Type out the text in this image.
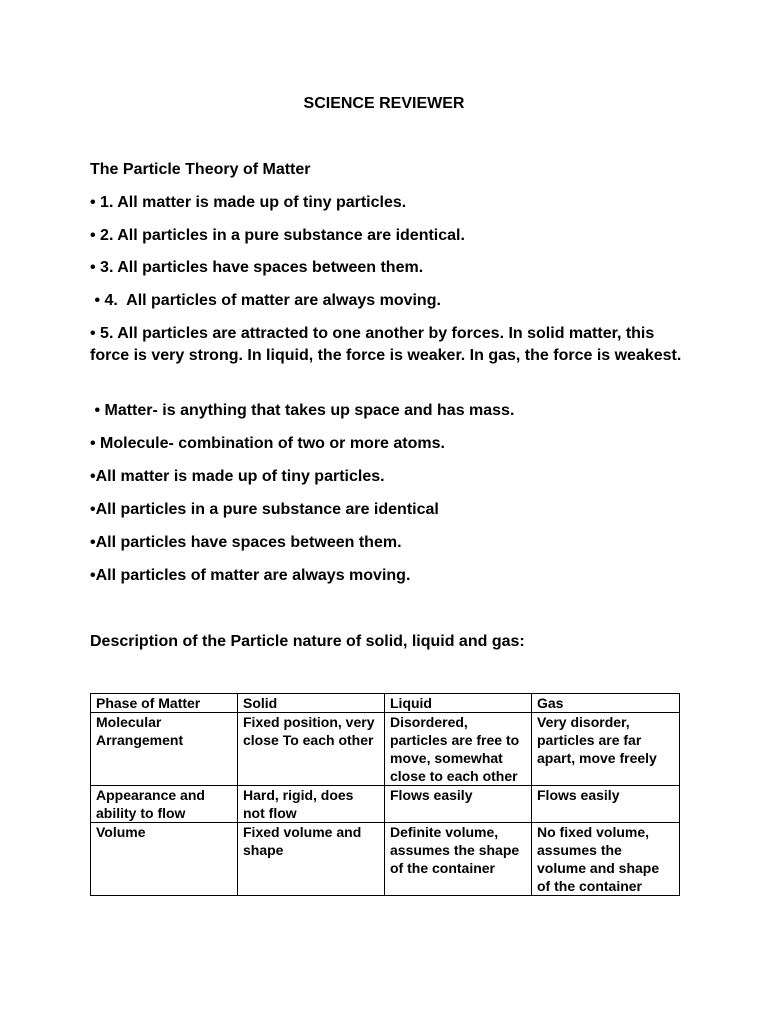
SCIENCE REVIEWER
The Particle Theory of Matter
• 1. All matter is made up of tiny particles.
• 2. All particles in a pure substance are identical.
• 3. All particles have spaces between them.
• 4.  All particles of matter are always moving.
• 5. All particles are attracted to one another by forces. In solid matter, this force is very strong. In liquid, the force is weaker. In gas, the force is weakest.
• Matter- is anything that takes up space and has mass.
• Molecule- combination of two or more atoms.
•All matter is made up of tiny particles.
•All particles in a pure substance are identical
•All particles have spaces between them.
•All particles of matter are always moving.
Description of the Particle nature of solid, liquid and gas:
Phase of Matter	Solid	Liquid	Gas
Molecular Arrangement	Fixed position, very close To each other	Disordered, particles are free to move, somewhat close to each other	Very disorder, particles are far apart, move freely
Appearance and ability to flow	Hard, rigid, does not flow	Flows easily	Flows easily
Volume	Fixed volume and shape	Definite volume, assumes the shape of the container	No fixed volume, assumes the volume and shape of the container
